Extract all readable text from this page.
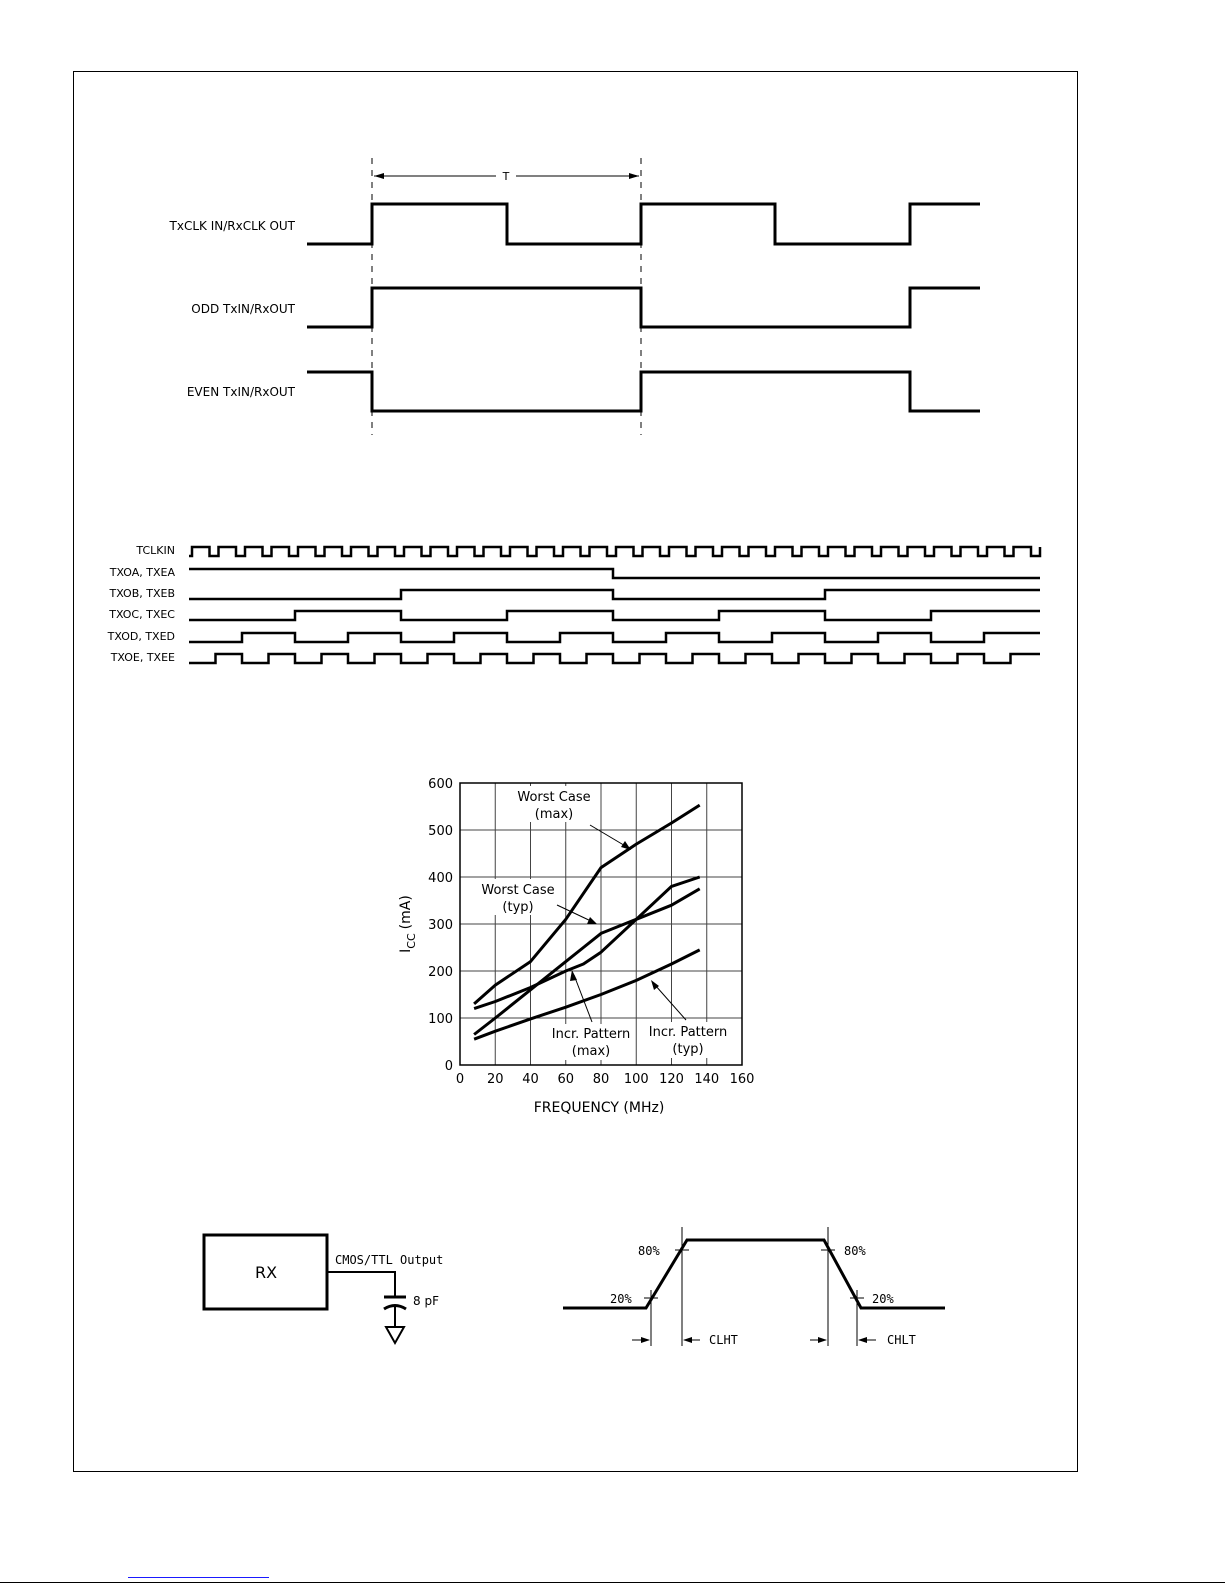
T
TxCLK IN/RxCLK OUT
ODD TxIN/RxOUT
EVEN TxIN/RxOUT
TCLKIN
TXOA, TXEA
TXOB, TXEB
TXOC, TXEC
TXOD, TXED
TXOE, TXEE
0 20 40 60 80 100 120 140 160
0
100
200
300
400
500
600
FREQUENCY (MHz)
$I_{CC}(mA)$
Worst Case
(max)
Worst Case
(typ)
Incr. Pattern
(max)
Incr. Pattern
(typ)
RX
CMOS/TTL Output
8 pF
80%
20%
80%
20%
CLHT	CHLT
